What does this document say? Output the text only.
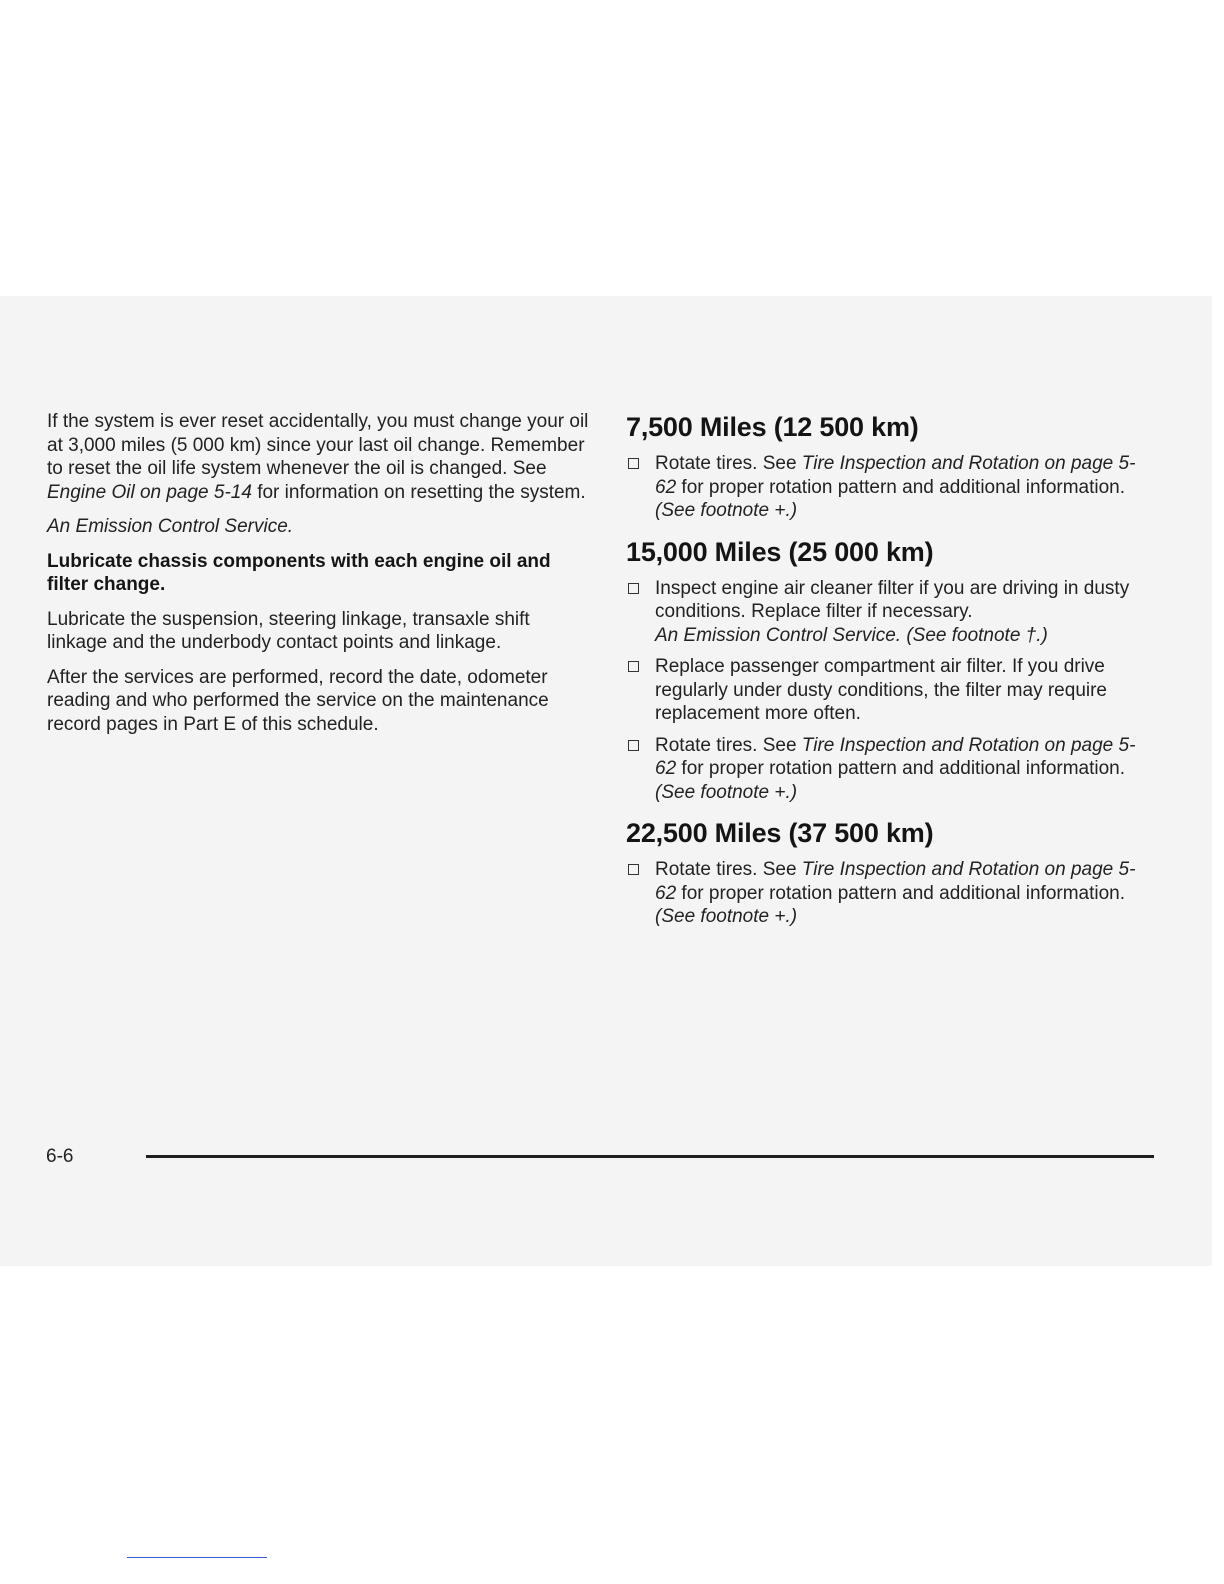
If the system is ever reset accidentally, you must change your oil at 3,000 miles (5 000 km) since your last oil change. Remember to reset the oil life system whenever the oil is changed. See Engine Oil on page 5-14 for information on resetting the system.

An Emission Control Service.

Lubricate chassis components with each engine oil and filter change.

Lubricate the suspension, steering linkage, transaxle shift linkage and the underbody contact points and linkage.

After the services are performed, record the date, odometer reading and who performed the service on the maintenance record pages in Part E of this schedule.

7,500 Miles (12 500 km)
Rotate tires. See Tire Inspection and Rotation on page 5-62 for proper rotation pattern and additional information. (See footnote +.)
15,000 Miles (25 000 km)
Inspect engine air cleaner filter if you are driving in dusty conditions. Replace filter if necessary.
An Emission Control Service. (See footnote †.)
Replace passenger compartment air filter. If you drive regularly under dusty conditions, the filter may require replacement more often.
Rotate tires. See Tire Inspection and Rotation on page 5-62 for proper rotation pattern and additional information. (See footnote +.)
22,500 Miles (37 500 km)
Rotate tires. See Tire Inspection and Rotation on page 5-62 for proper rotation pattern and additional information. (See footnote +.)
6-6
